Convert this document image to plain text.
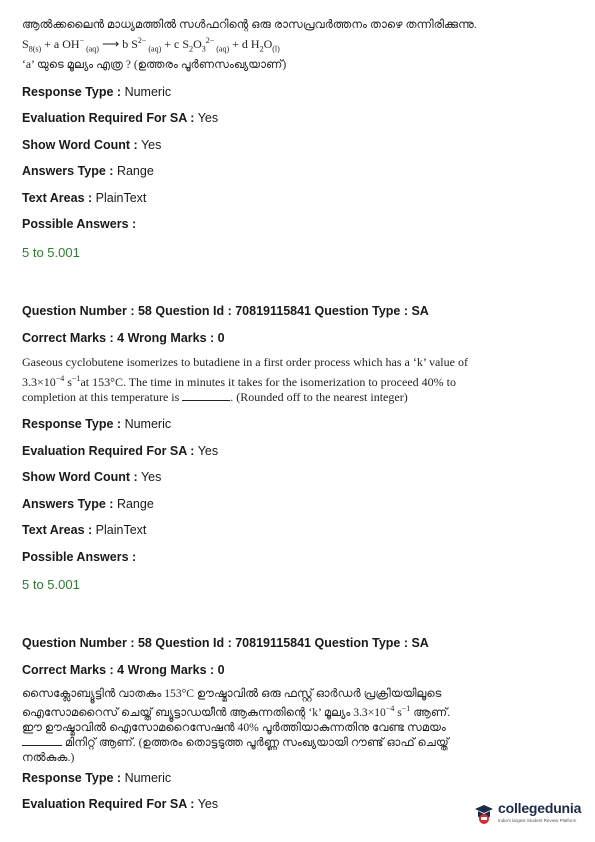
ആൽക്കലൈൻ മാധ്യമത്തിൽ സൾഫറിന്റെ ഒരു രാസപ്രവർത്തനം താഴെ തന്നിരിക്കുന്നു.
$S_{8(s)} + a$ OH− $_{(aq)}$ ⟶ b $S^{2-}$ $_{(aq)}$ + c $S_2O_3^{2-}$ $_{(aq)}$ + d $H_2O_{(l)}$
‘a’ യുടെ മൂല്യം എത്ര ? (ഉത്തരം പൂർണസംഖ്യയാണ്)
Response Type : Numeric
Evaluation Required For SA : Yes
Show Word Count : Yes
Answers Type : Range
Text Areas : PlainText
Possible Answers :
5 to 5.001
Question Number : 58 Question Id : 70819115841 Question Type : SA
Correct Marks : 4 Wrong Marks : 0
Gaseous cyclobutene isomerizes to butadiene in a first order process which has a ‘k’ value of
$3.3\times 10^{-4}$ $s^{-1}at$ 153°C. The time in minutes it takes for the isomerization to proceed 40% to
completion at this temperature is	. (Rounded off to the nearest integer)
Response Type : Numeric
Evaluation Required For SA : Yes
Show Word Count : Yes
Answers Type : Range
Text Areas : PlainText
Possible Answers :
5 to 5.001
Question Number : 58 Question Id : 70819115841 Question Type : SA
Correct Marks : 4 Wrong Marks : 0
സൈക്ലോബ്യൂട്ടിൻ വാതകം 153°C ഊഷ്മാവിൽ ഒരു ഫസ്റ്റ് ഓർഡർ പ്രക്രിയയിലൂടെ
ഐസോമറൈസ് ചെയ്ത് ബ്യൂട്ടാഡയീൻ ആകുന്നതിന്റെ ‘k’ മൂല്യം $3.3\times 10^{-4}$ $s^{-1}$ ആണ്.
ഈ ഊഷ്മാവിൽ ഐസോമറൈസേഷൻ 40% പൂർത്തിയാകുന്നതിനു വേണ്ട സമയം
മിനിറ്റ് ആണ്. (ഉത്തരം തൊട്ടടുത്ത പൂർണ്ണ സംഖ്യയായി റൗണ്ട് ഓഫ് ചെയ്ത്
നൽകുക.)
Response Type : Numeric
Evaluation Required For SA : Yes	collegedunia
India's largest Student Review Platform
